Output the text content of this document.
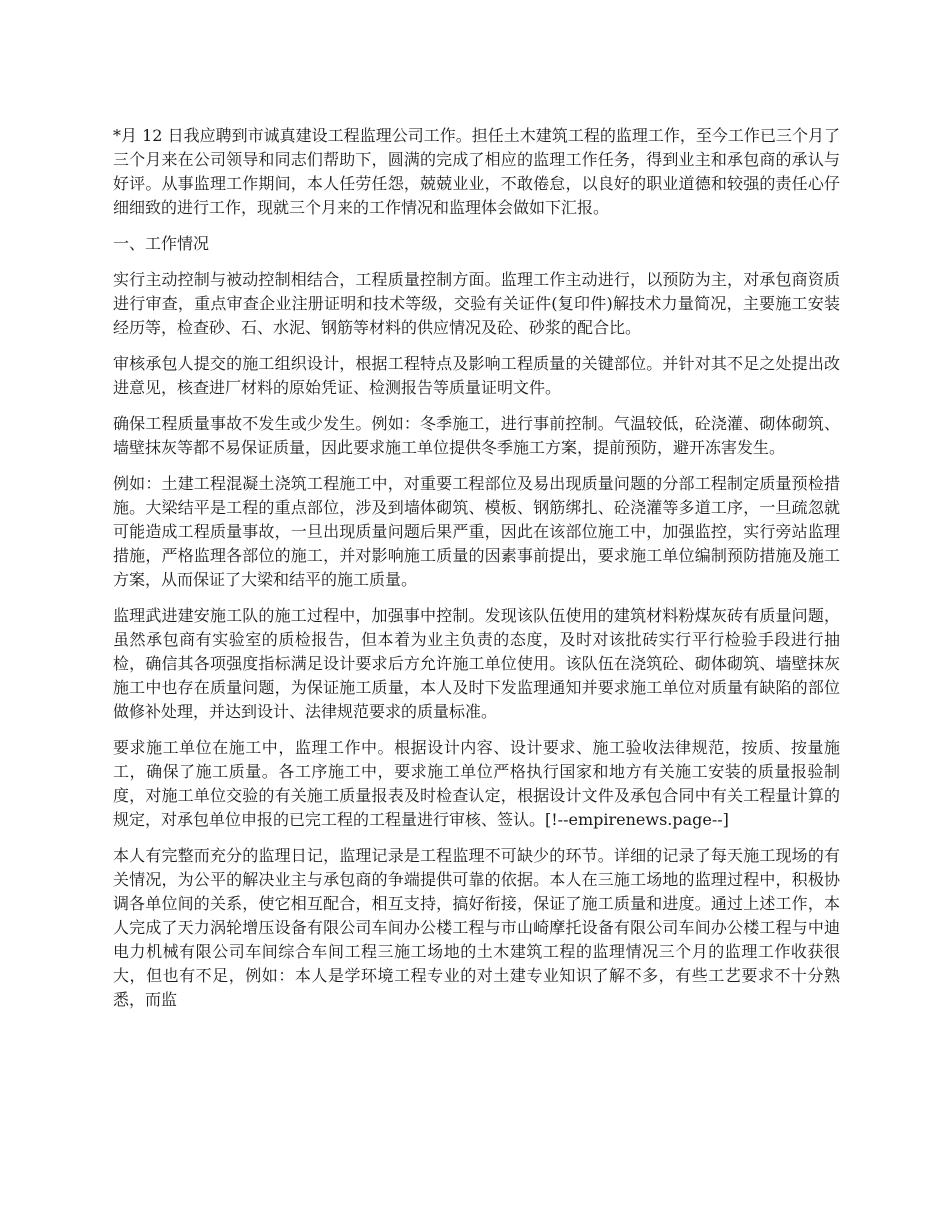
*月 12 日我应聘到市诚真建设工程监理公司工作。担任土木建筑工程的监理工作，至今工作已三个月了三个月来在公司领导和同志们帮助下，圆满的完成了相应的监理工作任务，得到业主和承包商的承认与好评。从事监理工作期间，本人任劳任怨，兢兢业业，不敢倦怠，以良好的职业道德和较强的责任心仔细细致的进行工作，现就三个月来的工作情况和监理体会做如下汇报。

一、工作情况

实行主动控制与被动控制相结合，工程质量控制方面。监理工作主动进行，以预防为主，对承包商资质进行审查，重点审查企业注册证明和技术等级，交验有关证件(复印件)解技术力量简况，主要施工安装经历等，检查砂、石、水泥、钢筋等材料的供应情况及砼、砂浆的配合比。

审核承包人提交的施工组织设计，根据工程特点及影响工程质量的关键部位。并针对其不足之处提出改进意见，核查进厂材料的原始凭证、检测报告等质量证明文件。

确保工程质量事故不发生或少发生。例如：冬季施工，进行事前控制。气温较低，砼浇灌、砌体砌筑、墙壁抹灰等都不易保证质量，因此要求施工单位提供冬季施工方案，提前预防，避开冻害发生。

例如：土建工程混凝土浇筑工程施工中，对重要工程部位及易出现质量问题的分部工程制定质量预检措施。大梁结平是工程的重点部位，涉及到墙体砌筑、模板、钢筋绑扎、砼浇灌等多道工序，一旦疏忽就可能造成工程质量事故，一旦出现质量问题后果严重，因此在该部位施工中，加强监控，实行旁站监理措施，严格监理各部位的施工，并对影响施工质量的因素事前提出，要求施工单位编制预防措施及施工方案，从而保证了大梁和结平的施工质量。

监理武进建安施工队的施工过程中，加强事中控制。发现该队伍使用的建筑材料粉煤灰砖有质量问题，虽然承包商有实验室的质检报告，但本着为业主负责的态度，及时对该批砖实行平行检验手段进行抽检，确信其各项强度指标满足设计要求后方允许施工单位使用。该队伍在浇筑砼、砌体砌筑、墙壁抹灰施工中也存在质量问题，为保证施工质量，本人及时下发监理通知并要求施工单位对质量有缺陷的部位做修补处理，并达到设计、法律规范要求的质量标准。

要求施工单位在施工中，监理工作中。根据设计内容、设计要求、施工验收法律规范，按质、按量施工，确保了施工质量。各工序施工中，要求施工单位严格执行国家和地方有关施工安装的质量报验制度，对施工单位交验的有关施工质量报表及时检查认定，根据设计文件及承包合同中有关工程量计算的规定，对承包单位申报的已完工程的工程量进行审核、签认。[!--empirenews.page--]

本人有完整而充分的监理日记，监理记录是工程监理不可缺少的环节。详细的记录了每天施工现场的有关情况，为公平的解决业主与承包商的争端提供可靠的依据。本人在三施工场地的监理过程中，积极协调各单位间的关系，使它相互配合，相互支持，搞好衔接，保证了施工质量和进度。通过上述工作，本人完成了天力涡轮增压设备有限公司车间办公楼工程与市山崎摩托设备有限公司车间办公楼工程与中迪电力机械有限公司车间综合车间工程三施工场地的土木建筑工程的监理情况三个月的监理工作收获很大，但也有不足，例如：本人是学环境工程专业的对土建专业知识了解不多，有些工艺要求不十分熟悉，而监
